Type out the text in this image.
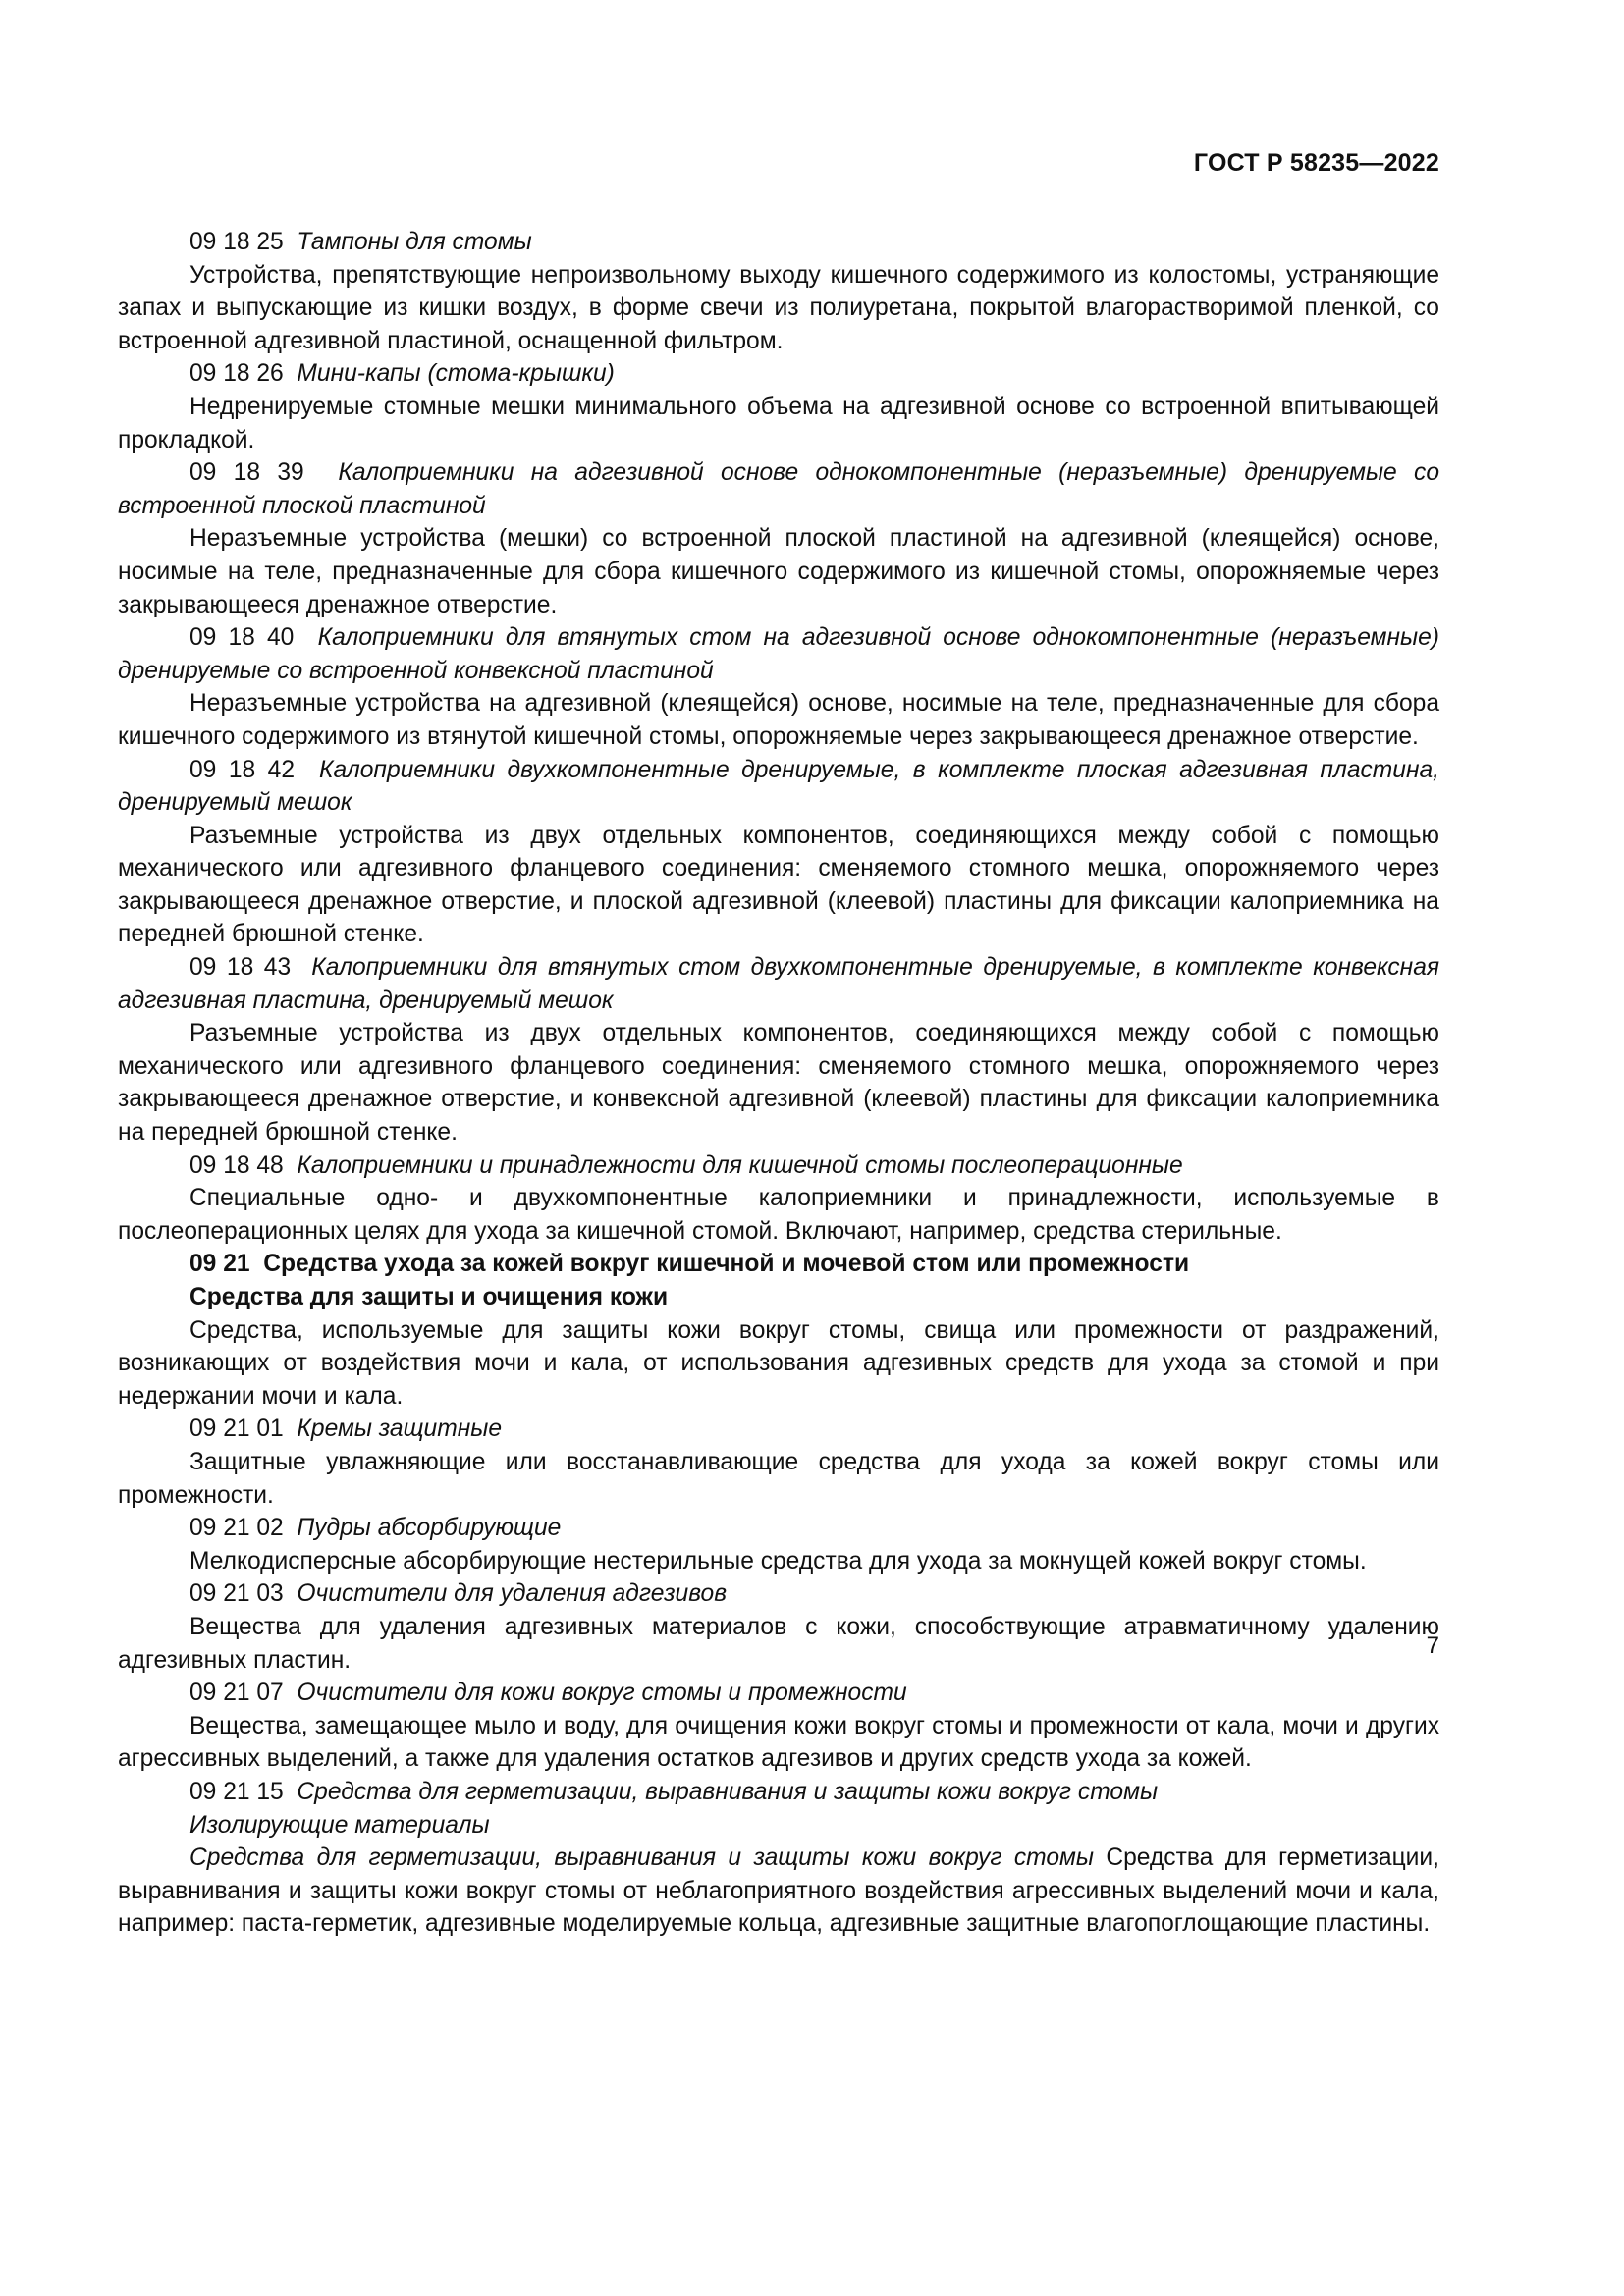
ГОСТ Р 58235—2022

09 18 25 Тампоны для стомы

Устройства, препятствующие непроизвольному выходу кишечного содержимого из колостомы, устраняющие запах и выпускающие из кишки воздух, в форме свечи из полиуретана, покрытой влагорастворимой пленкой, со встроенной адгезивной пластиной, оснащенной фильтром.

09 18 26 Мини-капы (стома-крышки)

Недренируемые стомные мешки минимального объема на адгезивной основе со встроенной впитывающей прокладкой.

09 18 39 Калоприемники на адгезивной основе однокомпонентные (неразъемные) дренируемые со встроенной плоской пластиной

Неразъемные устройства (мешки) со встроенной плоской пластиной на адгезивной (клеящейся) основе, носимые на теле, предназначенные для сбора кишечного содержимого из кишечной стомы, опорожняемые через закрывающееся дренажное отверстие.

09 18 40 Калоприемники для втянутых стом на адгезивной основе однокомпонентные (неразъемные) дренируемые со встроенной конвексной пластиной

Неразъемные устройства на адгезивной (клеящейся) основе, носимые на теле, предназначенные для сбора кишечного содержимого из втянутой кишечной стомы, опорожняемые через закрывающееся дренажное отверстие.

09 18 42 Калоприемники двухкомпонентные дренируемые, в комплекте плоская адгезивная пластина, дренируемый мешок

Разъемные устройства из двух отдельных компонентов, соединяющихся между собой с помощью механического или адгезивного фланцевого соединения: сменяемого стомного мешка, опорожняемого через закрывающееся дренажное отверстие, и плоской адгезивной (клеевой) пластины для фиксации калоприемника на передней брюшной стенке.

09 18 43 Калоприемники для втянутых стом двухкомпонентные дренируемые, в комплекте конвексная адгезивная пластина, дренируемый мешок

Разъемные устройства из двух отдельных компонентов, соединяющихся между собой с помощью механического или адгезивного фланцевого соединения: сменяемого стомного мешка, опорожняемого через закрывающееся дренажное отверстие, и конвексной адгезивной (клеевой) пластины для фиксации калоприемника на передней брюшной стенке.

09 18 48 Калоприемники и принадлежности для кишечной стомы послеоперационные

Специальные одно- и двухкомпонентные калоприемники и принадлежности, используемые в послеоперационных целях для ухода за кишечной стомой. Включают, например, средства стерильные.

09 21 Средства ухода за кожей вокруг кишечной и мочевой стом или промежности

Средства для защиты и очищения кожи

Средства, используемые для защиты кожи вокруг стомы, свища или промежности от раздражений, возникающих от воздействия мочи и кала, от использования адгезивных средств для ухода за стомой и при недержании мочи и кала.

09 21 01 Кремы защитные

Защитные увлажняющие или восстанавливающие средства для ухода за кожей вокруг стомы или промежности.

09 21 02 Пудры абсорбирующие

Мелкодисперсные абсорбирующие нестерильные средства для ухода за мокнущей кожей вокруг стомы.

09 21 03 Очистители для удаления адгезивов

Вещества для удаления адгезивных материалов с кожи, способствующие атравматичному удалению адгезивных пластин.

09 21 07 Очистители для кожи вокруг стомы и промежности

Вещества, замещающее мыло и воду, для очищения кожи вокруг стомы и промежности от кала, мочи и других агрессивных выделений, а также для удаления остатков адгезивов и других средств ухода за кожей.

09 21 15 Средства для герметизации, выравнивания и защиты кожи вокруг стомы

Изолирующие материалы

Средства для герметизации, выравнивания и защиты кожи вокруг стомы Средства для герметизации, выравнивания и защиты кожи вокруг стомы от неблагоприятного воздействия агрессивных выделений мочи и кала, например: паста-герметик, адгезивные моделируемые кольца, адгезивные защитные влагопоглощающие пластины.

7
